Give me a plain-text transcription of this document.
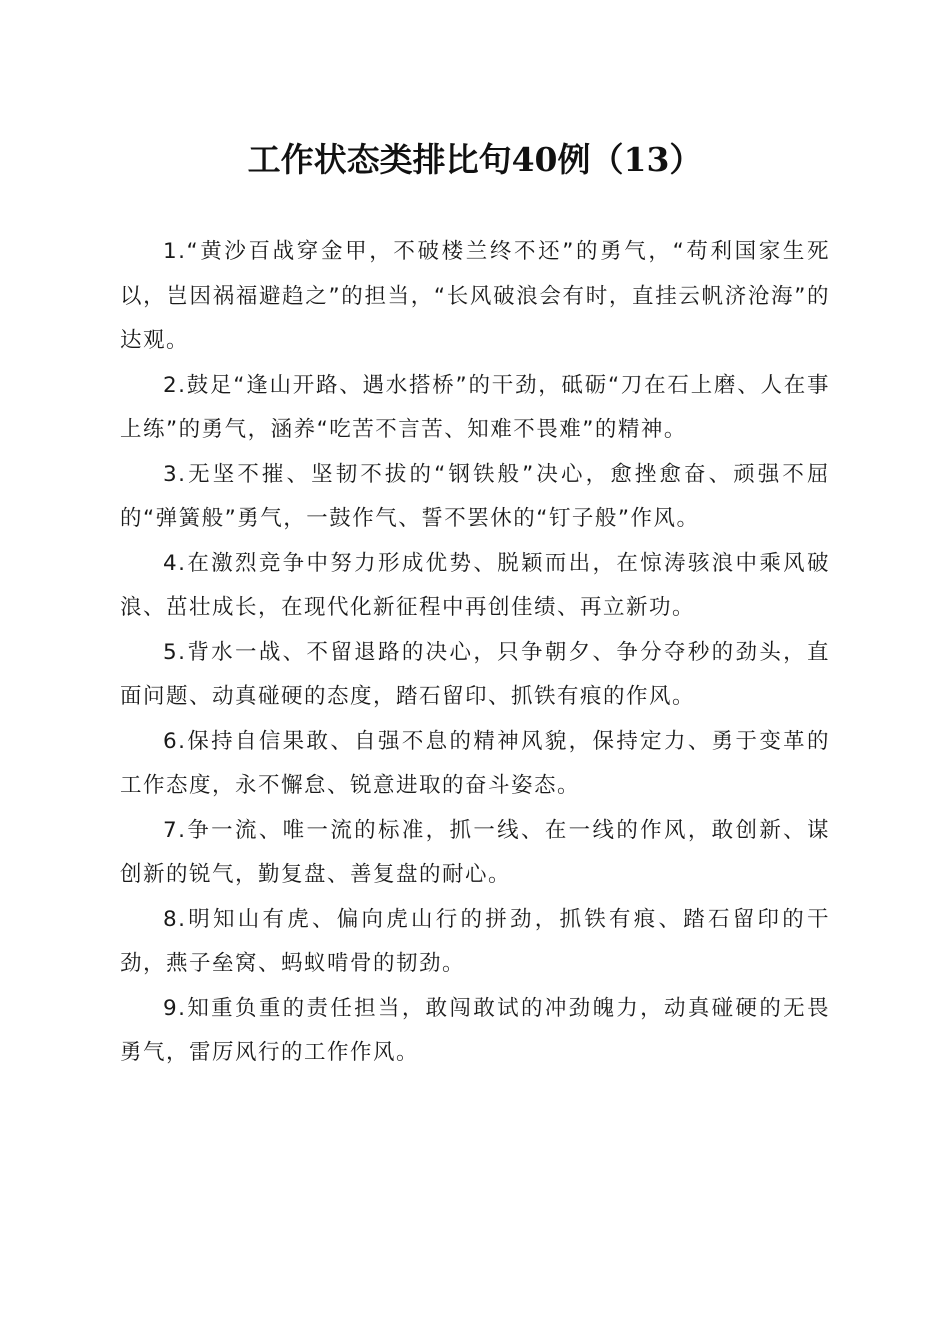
工作状态类排比句40例（13）

1.“黄沙百战穿金甲，不破楼兰终不还”的勇气，“苟利国家生死以，岂因祸福避趋之”的担当，“长风破浪会有时，直挂云帆济沧海”的达观。

2.鼓足“逢山开路、遇水搭桥”的干劲，砥砺“刀在石上磨、人在事上练”的勇气，涵养“吃苦不言苦、知难不畏难”的精神。

3.无坚不摧、坚韧不拔的“钢铁般”决心，愈挫愈奋、顽强不屈的“弹簧般”勇气，一鼓作气、誓不罢休的“钉子般”作风。

4.在激烈竞争中努力形成优势、脱颖而出，在惊涛骇浪中乘风破浪、茁壮成长，在现代化新征程中再创佳绩、再立新功。

5.背水一战、不留退路的决心，只争朝夕、争分夺秒的劲头，直面问题、动真碰硬的态度，踏石留印、抓铁有痕的作风。

6.保持自信果敢、自强不息的精神风貌，保持定力、勇于变革的工作态度，永不懈怠、锐意进取的奋斗姿态。

7.争一流、唯一流的标准，抓一线、在一线的作风，敢创新、谋创新的锐气，勤复盘、善复盘的耐心。

8.明知山有虎、偏向虎山行的拼劲，抓铁有痕、踏石留印的干劲，燕子垒窝、蚂蚁啃骨的韧劲。

9.知重负重的责任担当，敢闯敢试的冲劲魄力，动真碰硬的无畏勇气，雷厉风行的工作作风。
